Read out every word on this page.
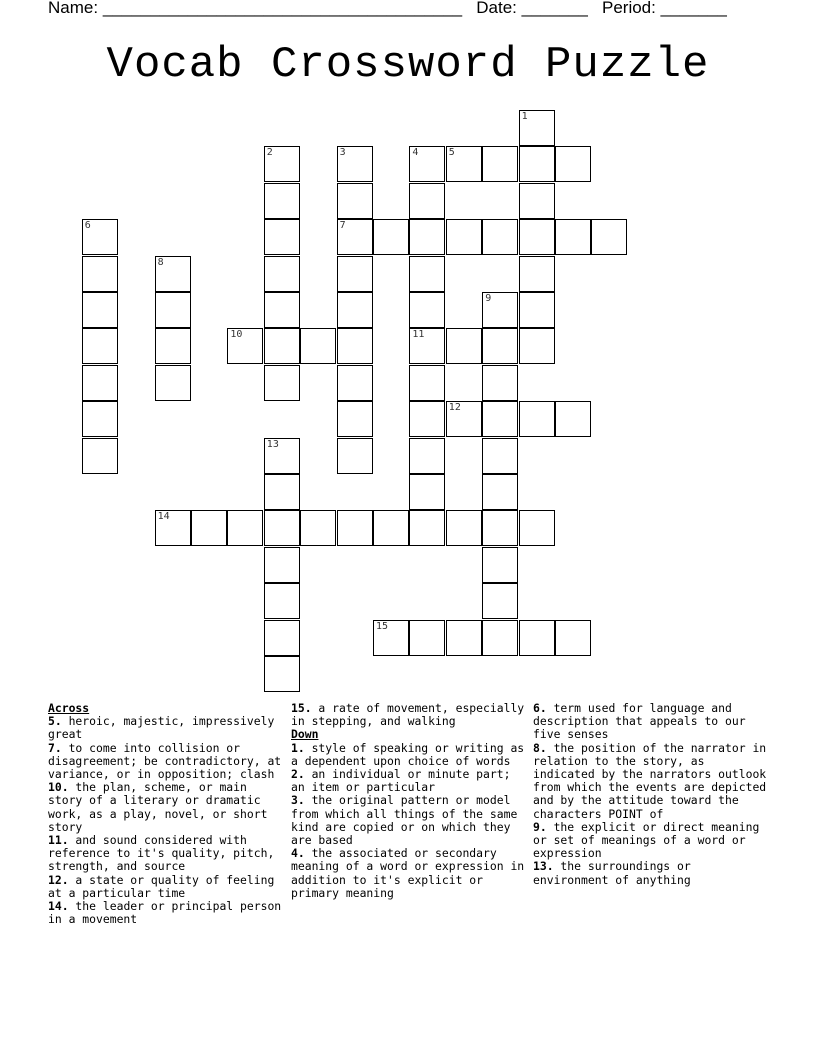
Name: ______________________________________ Date: _______ Period: _______
Vocab Crossword Puzzle
1
2	3
7
4
11
5
6
8
9
10
12
13
14
15
Across
5. heroic, majestic, impressively great
7. to come into collision or disagreement; be contradictory, at variance, or in opposition; clash
10. the plan, scheme, or main story of a literary or dramatic work, as a play, novel, or short story
11. and sound considered with reference to it's quality, pitch, strength, and source
12. a state or quality of feeling at a particular time
14. the leader or principal person in a movement
15. a rate of movement, especially in stepping, and walking
Down
1. style of speaking or writing as a dependent upon choice of words
2. an individual or minute part; an item or particular
3. the original pattern or model from which all things of the same kind are copied or on which they are based
4. the associated or secondary meaning of a word or expression in addition to it's explicit or primary meaning
6. term used for language and description that appeals to our five senses
8. the position of the narrator in relation to the story, as indicated by the narrators outlook from which the events are depicted and by the attitude toward the characters POINT of
9. the explicit or direct meaning or set of meanings of a word or expression
13. the surroundings or environment of anything
